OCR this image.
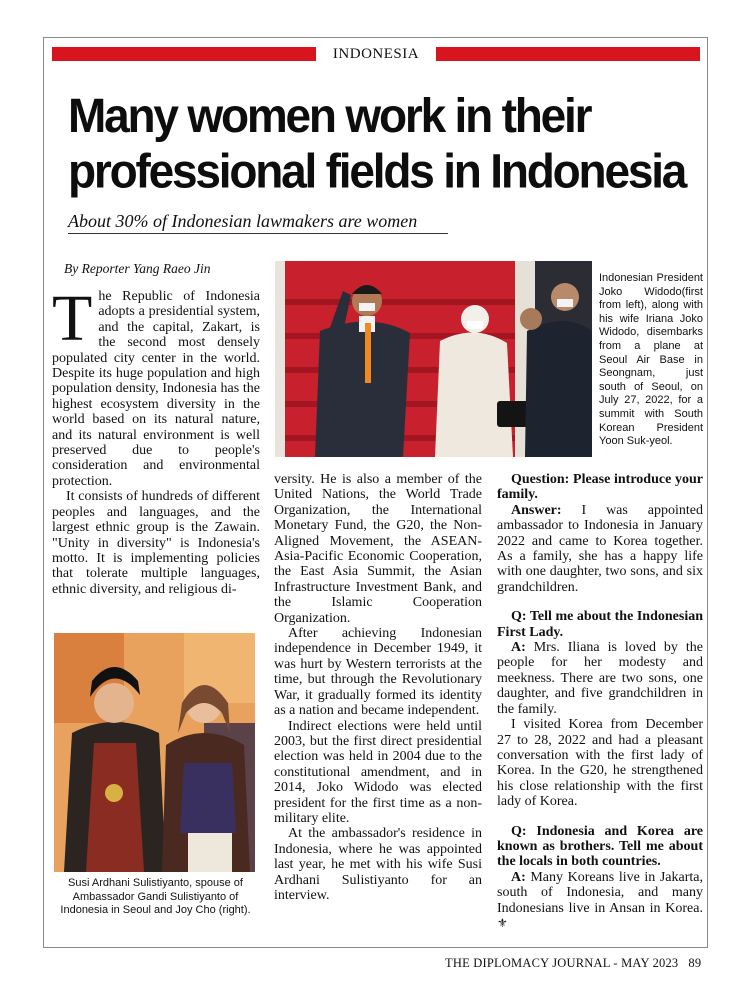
INDONESIA
Many women work in their
professional fields in Indonesia
About 30% of Indonesian lawmakers are women
By Reporter Yang Raeo Jin

The Republic of Indonesia adopts a presidential system, and the capital, Zakart, is the second most densely populated city center in the world. Despite its huge population and high population density, Indonesia has the highest ecosystem diversity in the world based on its natural nature, and its natural environment is well preserved due to people's consideration and environmental protection.

It consists of hundreds of different peoples and languages, and the largest ethnic group is the Zawain. "Unity in diversity" is Indonesia's motto. It is implementing policies that tolerate multiple languages, ethnic diversity, and religious di-

Indonesian President Joko Widodo(first from left), along with his wife Iriana Joko Widodo, disembarks from a plane at Seoul Air Base in Seongnam, just south of Seoul, on July 27, 2022, for a summit with South Korean President Yoon Suk-yeol.

versity. He is also a member of the United Nations, the World Trade Organization, the International Monetary Fund, the G20, the Non-Aligned Movement, the ASEAN-Asia-Pacific Economic Cooperation, the East Asia Summit, the Asian Infrastructure Investment Bank, and the Islamic Cooperation Organization.

After achieving Indonesian independence in December 1949, it was hurt by Western terrorists at the time, but through the Revolutionary War, it gradually formed its identity as a nation and became independent.

Indirect elections were held until 2003, but the first direct presidential election was held in 2004 due to the constitutional amendment, and in 2014, Joko Widodo was elected president for the first time as a non-military elite.

At the ambassador's residence in Indonesia, where he was appointed last year, he met with his wife Susi Ardhani Sulistiyanto for an interview.

Question: Please introduce your family.

Answer: I was appointed ambassador to Indonesia in January 2022 and came to Korea together. As a family, she has a happy life with one daughter, two sons, and six grandchildren.

Q: Tell me about the Indonesian First Lady.

A: Mrs. Iliana is loved by the people for her modesty and meekness. There are two sons, one daughter, and five grandchildren in the family.

I visited Korea from December 27 to 28, 2022 and had a pleasant conversation with the first lady of Korea. In the G20, he strengthened his close relationship with the first lady of Korea.

Q: Indonesia and Korea are known as brothers. Tell me about the locals in both countries.

A: Many Koreans live in Jakarta, south of Indonesia, and many Indonesians live in Ansan in Korea. ⚜

Susi Ardhani Sulistiyanto, spouse of Ambassador Gandi Sulistiyanto of Indonesia in Seoul and Joy Cho (right).
THE DIPLOMACY JOURNAL - MAY 2023 89
